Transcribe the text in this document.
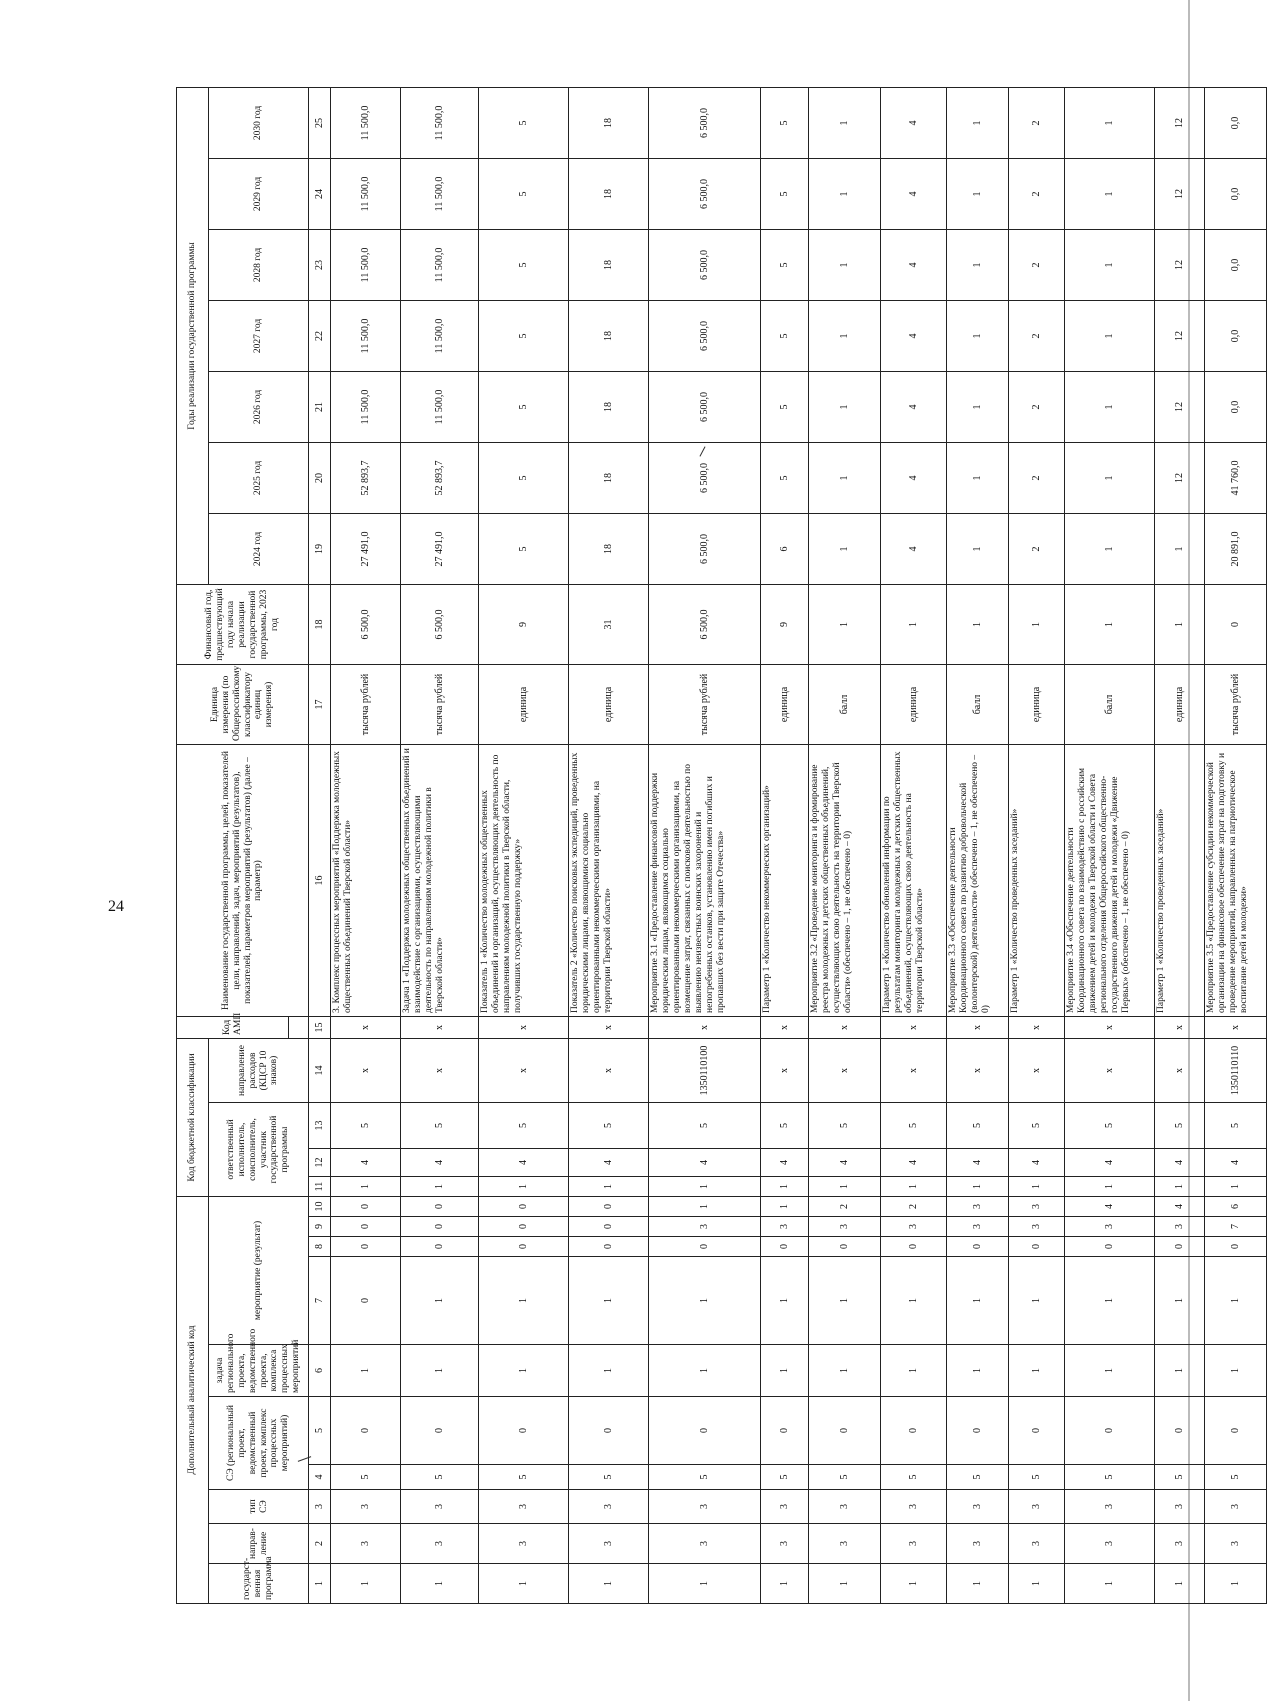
24
Дополнительный аналитический код										Код бюджетной классификации				Код АМП	Наименование государственной программы, целей, показателей цели, направлений, задач, мероприятий (результатов), показателей, параметров мероприятий (результатов) (далее – параметр)	Единица измерения (по Общероссийскому классификатору единиц измерения)	Финансовый год, предшествующий году начала реализации государственной программы, 2023 год	Годы реализации государственной программы						
государст-венная программа	направ-ление	тип СЭ	СЭ (региональный проект, ведомственный проект, комплекс процессных мероприятий)		задача регионального проекта, ведомственного проекта, комплекса процессных мероприятий	мероприятие (результат)				ответственный исполнитель, соисполнитель, участник государственной программы			направление расходов (КЦСР 10 знаков)					2024 год	2025 год	2026 год	2027 год	2028 год	2029 год	2030 год

1	2	3	4	5	6	7	8	9	10	11	12	13	14	15	16	17	18	19	20	21	22	23	24	25
1	3	3	5	0	1	0	0	0	0	1	4	5	x	x	3. Комплекс процессных мероприятий «Поддержка молодежных общественных объединений Тверской области»	тысяча рублей	6 500,0	27 491,0	52 893,7	11 500,0	11 500,0	11 500,0	11 500,0	11 500,0
1	3	3	5	0	1	1	0	0	0	1	4	5	x	x	Задача 1 «Поддержка молодежных общественных объединений и взаимодействие с организациями, осуществляющими деятельность по направлениям молодежной политики в Тверской области»	тысяча рублей	6 500,0	27 491,0	52 893,7	11 500,0	11 500,0	11 500,0	11 500,0	11 500,0
1	3	3	5	0	1	1	0	0	0	1	4	5	x	x	Показатель 1 «Количество молодежных общественных объединений и организаций, осуществляющих деятельность по направлениям молодежной политики в Тверской области, получивших государственную поддержку»	единица	9	5	5	5	5	5	5	5
1	3	3	5	0	1	1	0	0	0	1	4	5	x	x	Показатель 2 «Количество поисковых экспедиций, проведенных юридическими лицами, являющимися социально ориентированными некоммерческими организациями, на территории Тверской области»	единица	31	18	18	18	18	18	18	18
1	3	3	5	0	1	1	0	3	1	1	4	5	1350110100	x	Мероприятие 3.1 «Предоставление финансовой поддержки юридическим лицам, являющимся социально ориентированными некоммерческими организациями, на возмещение затрат, связанных с поисковой деятельностью по выявлению неизвестных воинских захоронений и непогребенных останков, установлению имен погибших и пропавших без вести при защите Отечества»	тысяча рублей	6 500,0	6 500,0	6 500,0	6 500,0	6 500,0	6 500,0	6 500,0	6 500,0
1	3	3	5	0	1	1	0	3	1	1	4	5	x	x	Параметр 1 «Количество некоммерческих организаций»	единица	9	6	5	5	5	5	5	5
1	3	3	5	0	1	1	0	3	2	1	4	5	x	x	Мероприятие 3.2 «Проведение мониторинга и формирование реестра молодежных и детских общественных объединений, осуществляющих свою деятельность на территории Тверской области» (обеспечено – 1, не обеспечено – 0)	балл	1	1	1	1	1	1	1	1
1	3	3	5	0	1	1	0	3	2	1	4	5	x	x	Параметр 1 «Количество обновлений информации по результатам мониторинга молодежных и детских общественных объединений, осуществляющих свою деятельность на территории Тверской области»	единица	1	4	4	4	4	4	4	4
1	3	3	5	0	1	1	0	3	3	1	4	5	x	x	Мероприятие 3.3 «Обеспечение деятельности Координационного совета по развитию добровольческой (волонтерской) деятельности» (обеспечено – 1, не обеспечено – 0)	балл	1	1	1	1	1	1	1	1
1	3	3	5	0	1	1	0	3	3	1	4	5	x	x	Параметр 1 «Количество проведенных заседаний»	единица	1	2	2	2	2	2	2	2
1	3	3	5	0	1	1	0	3	4	1	4	5	x	x	Мероприятие 3.4 «Обеспечение деятельности Координационного совета по взаимодействию с российским движением детей и молодежи в Тверской области и Совета регионального отделения Общероссийского общественно-государственного движения детей и молодежи «Движение Первых» (обеспечено – 1, не обеспечено – 0)	балл	1	1	1	1	1	1	1	1
1	3	3	5	0	1	1	0	3	4	1	4	5	x	x	Параметр 1 «Количество проведенных заседаний»	единица	1	1	12	12	12	12	12	12
1	3	3	5	0	1	1	0	7	6	1	4	5	1350110110	x	Мероприятие 3.5 «Предоставление субсидии некоммерческой организации на финансовое обеспечение затрат на подготовку и проведение мероприятий, направленных на патриотическое воспитание детей и молодежи»	тысяча рублей	0	20 891,0	41 760,0	0,0	0,0	0,0	0,0	0,0
